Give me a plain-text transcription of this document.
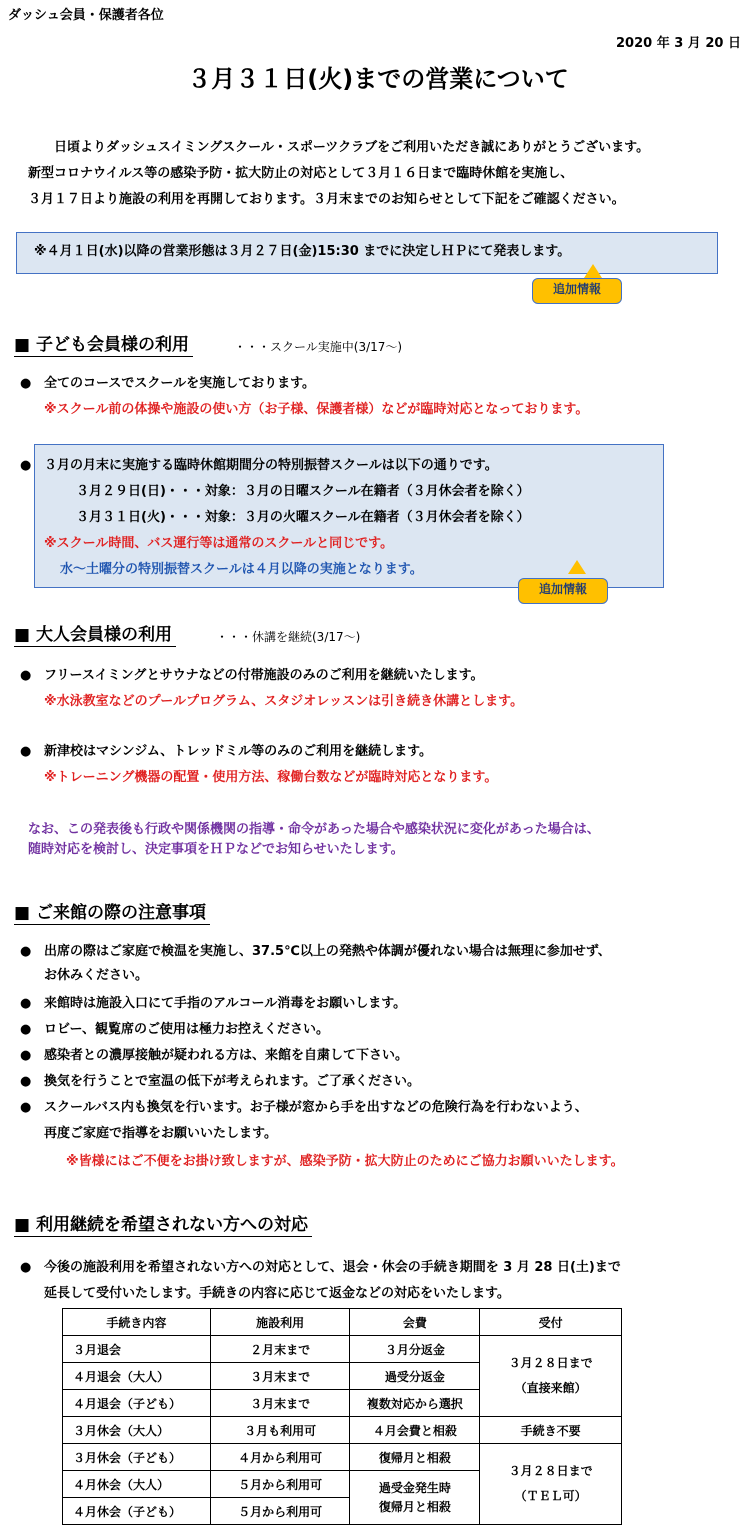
ダッシュ会員・保護者各位
2020 年 3 月 20 日
３月３１日(火)までの営業について
日頃よりダッシュスイミングスクール・スポーツクラブをご利用いただき誠にありがとうございます。
新型コロナウイルス等の感染予防・拡大防止の対応として３月１６日まで臨時休館を実施し、
３月１７日より施設の利用を再開しております。３月末までのお知らせとして下記をご確認ください。
※４月１日(水)以降の営業形態は３月２７日(金)15:30 までに決定しＨＰにて発表します。
追加情報
■ 子ども会員様の利用	・・・スクール実施中(3/17～)
● 全てのコースでスクールを実施しております。
※スクール前の体操や施設の使い方（お子様、保護者様）などが臨時対応となっております。
● ３月の月末に実施する臨時休館期間分の特別振替スクールは以下の通りです。
３月２９日(日)・・・対象：３月の日曜スクール在籍者（３月休会者を除く）
３月３１日(火)・・・対象：３月の火曜スクール在籍者（３月休会者を除く）
※スクール時間、バス運行等は通常のスクールと同じです。
水～土曜分の特別振替スクールは４月以降の実施となります。
追加情報
■ 大人会員様の利用	・・・休講を継続(3/17～)
● フリースイミングとサウナなどの付帯施設のみのご利用を継続いたします。
※水泳教室などのプールプログラム、スタジオレッスンは引き続き休講とします。
● 新津校はマシンジム、トレッドミル等のみのご利用を継続します。
※トレーニング機器の配置・使用方法、稼働台数などが臨時対応となります。
なお、この発表後も行政や関係機関の指導・命令があった場合や感染状況に変化があった場合は、
随時対応を検討し、決定事項をＨＰなどでお知らせいたします。
■ ご来館の際の注意事項
● 出席の際はご家庭で検温を実施し、37.5℃以上の発熱や体調が優れない場合は無理に参加せず、
お休みください。
● 来館時は施設入口にて手指のアルコール消毒をお願いします。
● ロビー、観覧席のご使用は極力お控えください。
● 感染者との濃厚接触が疑われる方は、来館を自粛して下さい。
● 換気を行うことで室温の低下が考えられます。ご了承ください。
● スクールバス内も換気を行います。お子様が窓から手を出すなどの危険行為を行わないよう、
再度ご家庭で指導をお願いいたします。
※皆様にはご不便をお掛け致しますが、感染予防・拡大防止のためにご協力お願いいたします。
■ 利用継続を希望されない方への対応
● 今後の施設利用を希望されない方への対応として、退会・休会の手続き期間を 3 月 28 日(土)まで
延長して受付いたします。手続きの内容に応じて返金などの対応をいたします。
手続き内容	施設利用	会費	受付
３月退会	２月末まで	３月分返金	３月２８日まで
（直接来館）

４月退会（大人）	３月末まで	過受分返金	
４月退会（子ども）	３月末まで	複数対応から選択	
３月休会（大人）	３月も利用可	４月会費と相殺	手続き不要
３月休会（子ども）	４月から利用可	復帰月と相殺	３月２８日まで
（ＴＥＬ可）

４月休会（大人）	５月から利用可	過受金発生時
復帰月と相殺	

４月休会（子ども）	５月から利用可		
